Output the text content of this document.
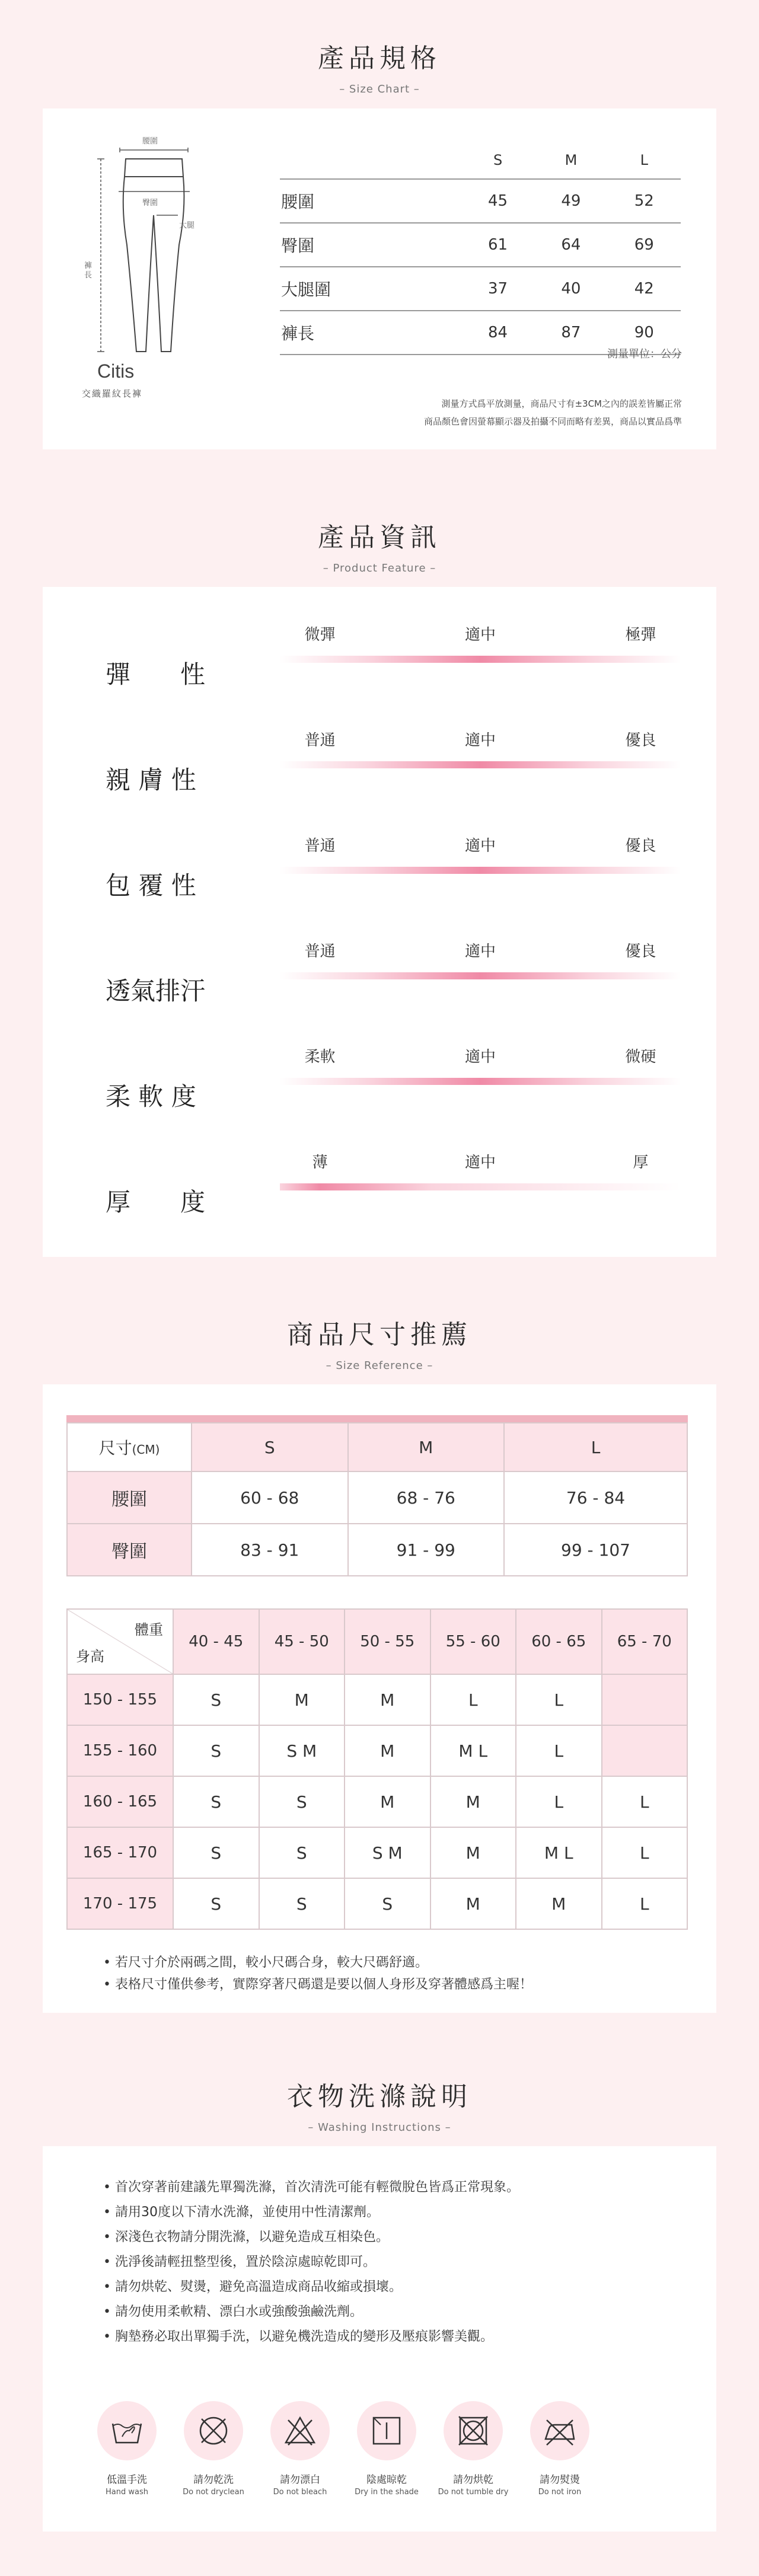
產品規格
– Size Chart –
腰圍
臀圍
大腿
褲長
Citis
交織羅紋長褲
	S	M	L
腰圍	45	49	52
臀圍	61	64	69
大腿圍	37	40	42
褲長	84	87	90
測量單位：公分
測量方式爲平放測量，商品尺寸有±3CM之內的誤差皆屬正常
商品顏色會因螢幕顯示器及拍攝不同而略有差異，商品以實品爲準
產品資訊
– Product Feature –
彈　　性
微彈	適中	極彈
親 膚 性
普通	適中	優良
包 覆 性
普通	適中	優良
透氣排汗
普通	適中	優良
柔 軟 度
柔軟	適中	微硬
厚　　度
薄	適中	厚
商品尺寸推薦
– Size Reference –
尺寸(CM)	S	M	L
腰圍	60 - 68	68 - 76	76 - 84
臀圍	83 - 91	91 - 99	99 - 107
體重
身高	40 - 45	45 - 50	50 - 55	55 - 60	60 - 65	65 - 70
150 - 155	S	M	M	L	L	
155 - 160	S	S M	M	M L	L	
160 - 165	S	S	M	M	L	L
165 - 170	S	S	S M	M	M L	L
170 - 175	S	S	S	M	M	L
• 若尺寸介於兩碼之間，較小尺碼合身，較大尺碼舒適。
• 表格尺寸僅供參考，實際穿著尺碼還是要以個人身形及穿著體感爲主喔！
衣物洗滌說明
– Washing Instructions –
• 首次穿著前建議先單獨洗滌，首次清洗可能有輕微脫色皆爲正常現象。
• 請用30度以下清水洗滌，並使用中性清潔劑。
• 深淺色衣物請分開洗滌，以避免造成互相染色。
• 洗淨後請輕扭整型後，置於陰涼處晾乾即可。
• 請勿烘乾、熨燙，避免高溫造成商品收縮或損壞。
• 請勿使用柔軟精、漂白水或強酸強鹼洗劑。
• 胸墊務必取出單獨手洗，以避免機洗造成的變形及壓痕影響美觀。
低溫手洗
Hand wash
請勿乾洗
Do not dryclean
請勿漂白
Do not bleach
陰處晾乾
Dry in the shade
請勿烘乾
Do not tumble dry
請勿熨燙
Do not iron
